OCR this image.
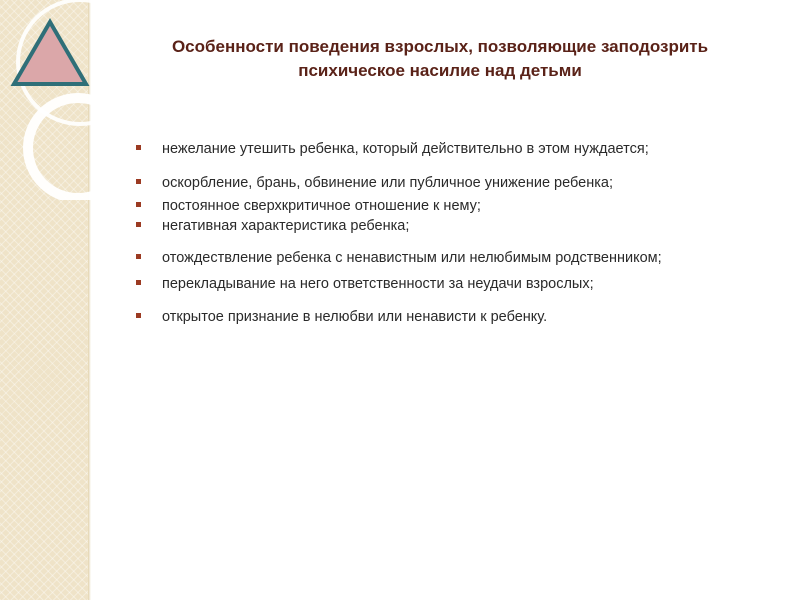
Особенности поведения взрослых, позволяющие заподозрить
психическое насилие над детьми
нежелание утешить ребенка, который действительно в этом нуждается;
оскорбление, брань, обвинение или публичное унижение ребенка;
постоянное сверхкритичное отношение к нему;
негативная характеристика ребенка;
отождествление ребенка с ненавистным или нелюбимым родственником;
перекладывание на него ответственности за неудачи взрослых;
открытое признание в нелюбви или ненависти к ребенку.
